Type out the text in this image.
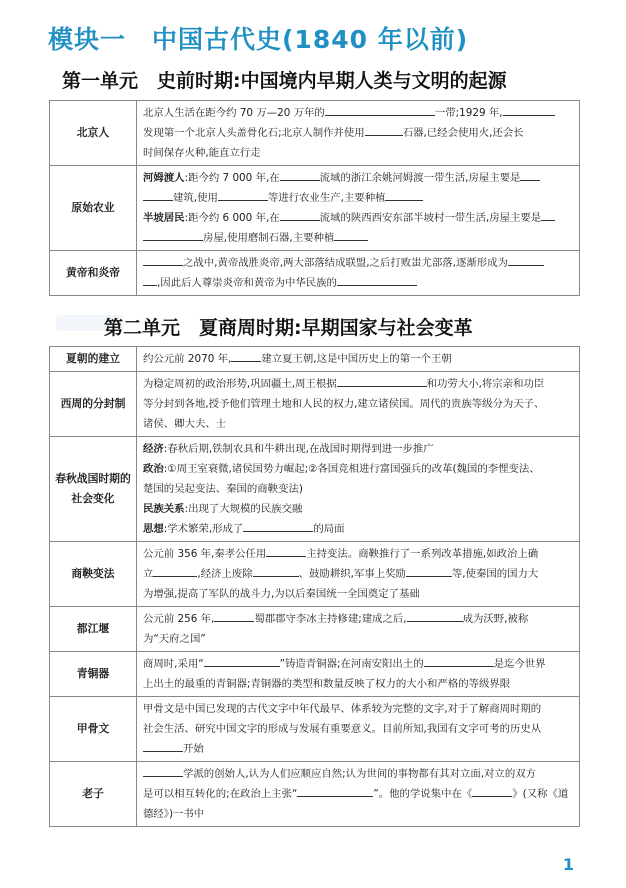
模块一　中国古代史(1840 年以前)
第一单元　史前时期:中国境内早期人类与文明的起源
北京人	北京人生活在距今约 70 万—20 万年的 一带;1929 年,
发现第一个北京人头盖骨化石;北京人制作并使用 石器,已经会使用火,还会长
时间保存火种,能直立行走

原始农业	河姆渡人:距今约 7 000 年,在 流域的浙江余姚河姆渡一带生活,房屋主要是
建筑,使用 等进行农业生产,主要种植
半坡居民:距今约 6 000 年,在 流域的陕西西安东部半坡村一带生活,房屋主要是
房屋,使用磨制石器,主要种植

黄帝和炎帝	之战中,黄帝战胜炎帝,两大部落结成联盟,之后打败蚩尤部落,逐渐形成为
,因此后人尊崇炎帝和黄帝为中华民族的
第二单元　夏商周时期:早期国家与社会变革
夏朝的建立	约公元前 2070 年, 建立夏王朝,这是中国历史上的第一个王朝

西周的分封制	为稳定周初的政治形势,巩固疆土,周王根据 和功劳大小,将宗亲和功臣
等分封到各地,授予他们管理土地和人民的权力,建立诸侯国。周代的贵族等级分为天子、
诸侯、卿大夫、士

春秋战国时期的社会变化	经济:春秋后期,铁制农具和牛耕出现,在战国时期得到进一步推广
政治:①周王室衰微,诸侯国势力崛起;②各国竞相进行富国强兵的改革(魏国的李悝变法、
楚国的吴起变法、秦国的商鞅变法)
民族关系:出现了大规模的民族交融
思想:学术繁荣,形成了 的局面

商鞅变法	公元前 356 年,秦孝公任用 主持变法。商鞅推行了一系列改革措施,如政治上确
立 ,经济上废除 、鼓励耕织,军事上奖励 等,使秦国的国力大
为增强,提高了军队的战斗力,为以后秦国统一全国奠定了基础

都江堰	公元前 256 年, 蜀郡郡守李冰主持修建;建成之后, 成为沃野,被称
为“天府之国”

青铜器	商周时,采用“ ”铸造青铜器;在河南安阳出土的 是迄今世界
上出土的最重的青铜器;青铜器的类型和数量反映了权力的大小和严格的等级界限

甲骨文	甲骨文是中国已发现的古代文字中年代最早、体系较为完整的文字,对于了解商周时期的
社会生活、研究中国文字的形成与发展有重要意义。目前所知,我国有文字可考的历史从
开始

老子	学派的创始人,认为人们应顺应自然;认为世间的事物都有其对立面,对立的双方
是可以相互转化的;在政治上主张“ ”。他的学说集中在《 》(又称《道
德经》)一书中
1
